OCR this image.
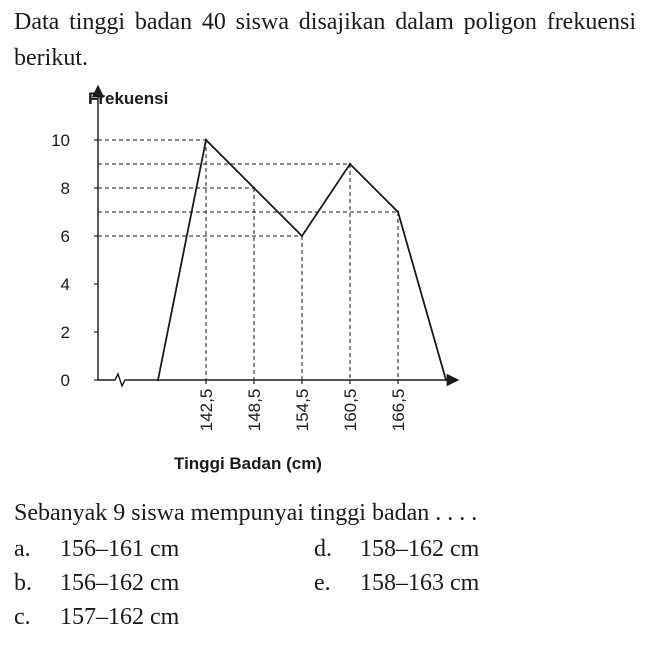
Data tinggi badan 40 siswa disajikan dalam poligon frekuensi berikut.

Frekuensi
Tinggi Badan (cm)
0
2
4
6
8
10
142,5 148,5 154,5 160,5 166,5

Sebanyak 9 siswa mempunyai tinggi badan . . . .

a. 156–161 cm
b. 156–162 cm
c. 157–162 cm
d. 158–162 cm
e. 158–163 cm
